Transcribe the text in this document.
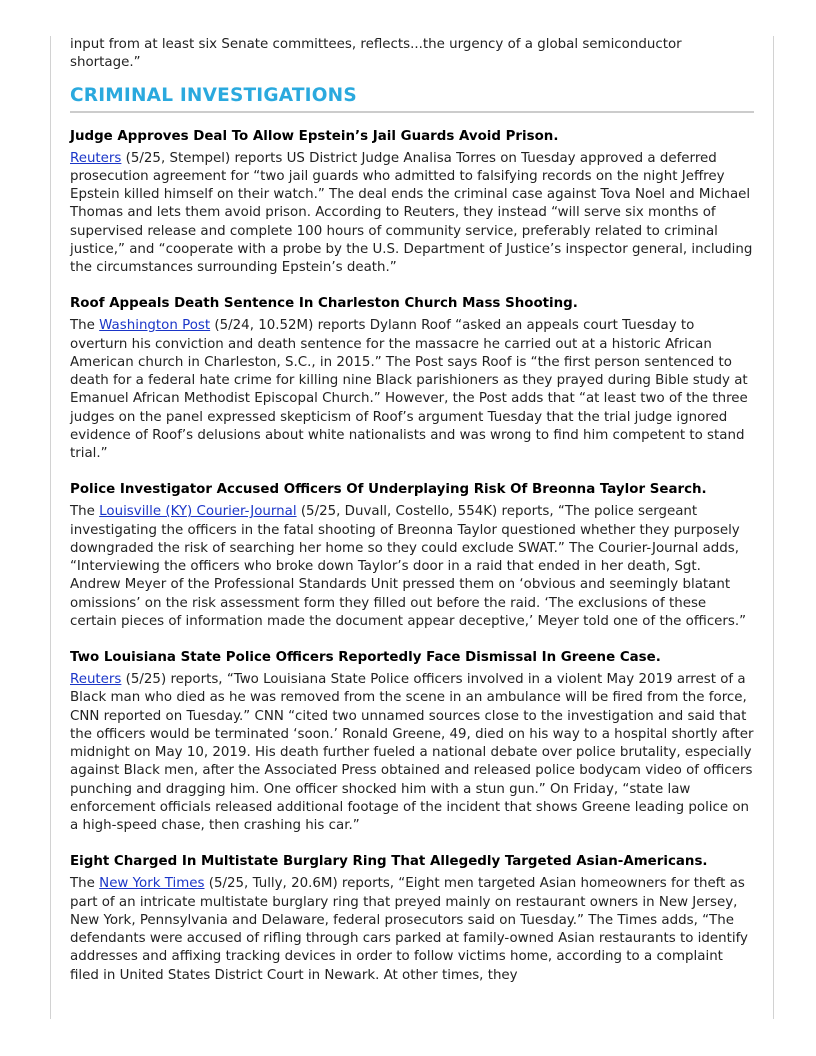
input from at least six Senate committees, reflects...the urgency of a global semiconductor shortage.”

CRIMINAL INVESTIGATIONS
Judge Approves Deal To Allow Epstein’s Jail Guards Avoid Prison.

Reuters (5/25, Stempel) reports US District Judge Analisa Torres on Tuesday approved a deferred prosecution agreement for “two jail guards who admitted to falsifying records on the night Jeffrey Epstein killed himself on their watch.” The deal ends the criminal case against Tova Noel and Michael Thomas and lets them avoid prison. According to Reuters, they instead “will serve six months of supervised release and complete 100 hours of community service, preferably related to criminal justice,” and “cooperate with a probe by the U.S. Department of Justice’s inspector general, including the circumstances surrounding Epstein’s death.”

Roof Appeals Death Sentence In Charleston Church Mass Shooting.

The Washington Post (5/24, 10.52M) reports Dylann Roof “asked an appeals court Tuesday to overturn his conviction and death sentence for the massacre he carried out at a historic African American church in Charleston, S.C., in 2015.” The Post says Roof is “the first person sentenced to death for a federal hate crime for killing nine Black parishioners as they prayed during Bible study at Emanuel African Methodist Episcopal Church.” However, the Post adds that “at least two of the three judges on the panel expressed skepticism of Roof’s argument Tuesday that the trial judge ignored evidence of Roof’s delusions about white nationalists and was wrong to find him competent to stand trial.”

Police Investigator Accused Officers Of Underplaying Risk Of Breonna Taylor Search.

The Louisville (KY) Courier-Journal (5/25, Duvall, Costello, 554K) reports, “The police sergeant investigating the officers in the fatal shooting of Breonna Taylor questioned whether they purposely downgraded the risk of searching her home so they could exclude SWAT.” The Courier-Journal adds, “Interviewing the officers who broke down Taylor’s door in a raid that ended in her death, Sgt. Andrew Meyer of the Professional Standards Unit pressed them on ‘obvious and seemingly blatant omissions’ on the risk assessment form they filled out before the raid. ‘The exclusions of these certain pieces of information made the document appear deceptive,’ Meyer told one of the officers.”

Two Louisiana State Police Officers Reportedly Face Dismissal In Greene Case.

Reuters (5/25) reports, “Two Louisiana State Police officers involved in a violent May 2019 arrest of a Black man who died as he was removed from the scene in an ambulance will be fired from the force, CNN reported on Tuesday.” CNN “cited two unnamed sources close to the investigation and said that the officers would be terminated ‘soon.’ Ronald Greene, 49, died on his way to a hospital shortly after midnight on May 10, 2019. His death further fueled a national debate over police brutality, especially against Black men, after the Associated Press obtained and released police bodycam video of officers punching and dragging him. One officer shocked him with a stun gun.” On Friday, “state law enforcement officials released additional footage of the incident that shows Greene leading police on a high-speed chase, then crashing his car.”

Eight Charged In Multistate Burglary Ring That Allegedly Targeted Asian-Americans.

The New York Times (5/25, Tully, 20.6M) reports, “Eight men targeted Asian homeowners for theft as part of an intricate multistate burglary ring that preyed mainly on restaurant owners in New Jersey, New York, Pennsylvania and Delaware, federal prosecutors said on Tuesday.” The Times adds, “The defendants were accused of rifling through cars parked at family-owned Asian restaurants to identify addresses and affixing tracking devices in order to follow victims home, according to a complaint filed in United States District Court in Newark. At other times, they
